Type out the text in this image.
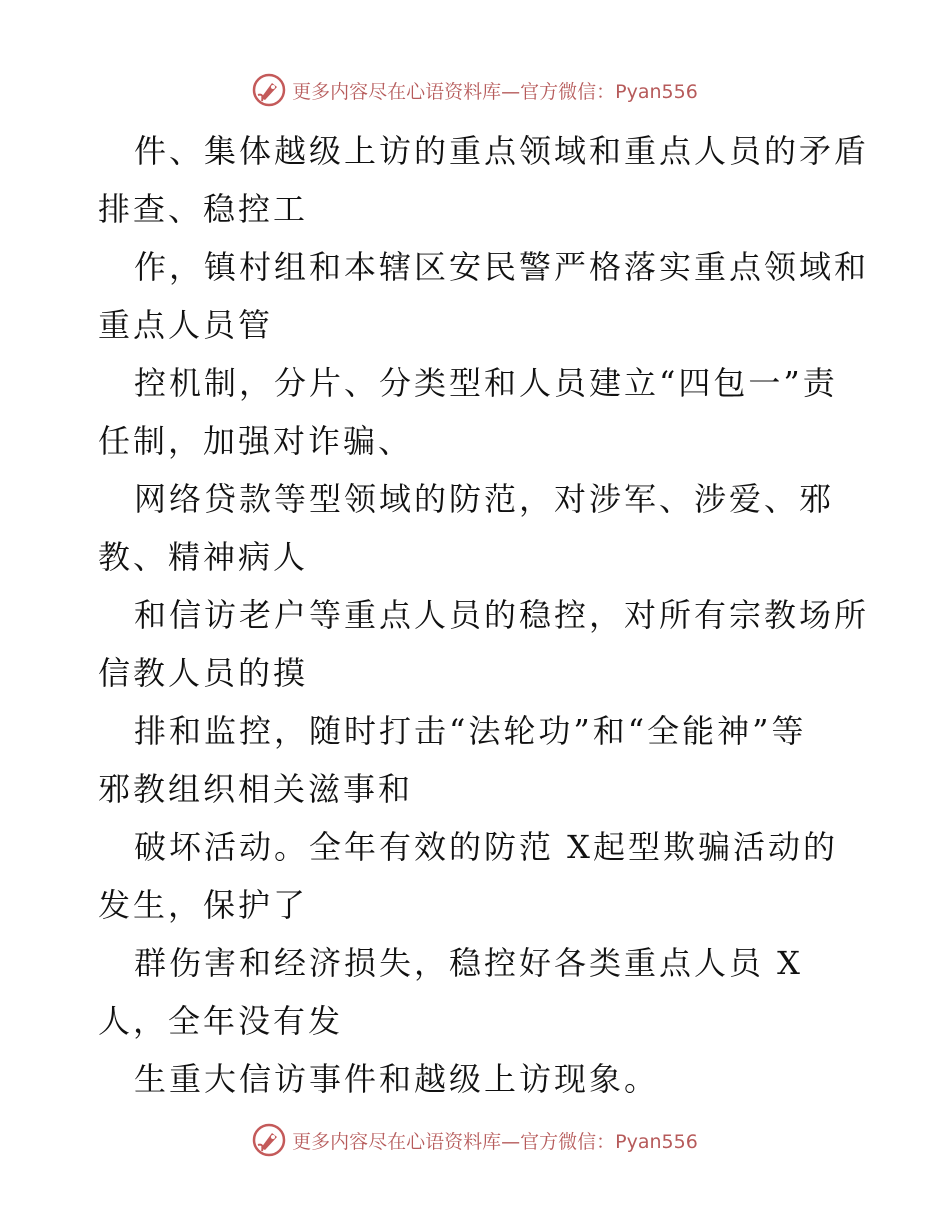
更多内容尽在心语资料库—官方微信：Pyan556

件、集体越级上访的重点领域和重点人员的矛盾
排查、稳控工

作，镇村组和本辖区安民警严格落实重点领域和
重点人员管

控机制，分片、分类型和人员建立“四包一”责
任制，加强对诈骗、

网络贷款等型领域的防范，对涉军、涉爱、邪
教、精神病人

和信访老户等重点人员的稳控，对所有宗教场所
信教人员的摸

排和监控，随时打击“法轮功”和“全能神”等
邪教组织相关滋事和

破坏活动。全年有效的防范 X起型欺骗活动的
发生，保护了

群伤害和经济损失，稳控好各类重点人员 X
人，全年没有发

生重大信访事件和越级上访现象。

更多内容尽在心语资料库—官方微信：Pyan556
